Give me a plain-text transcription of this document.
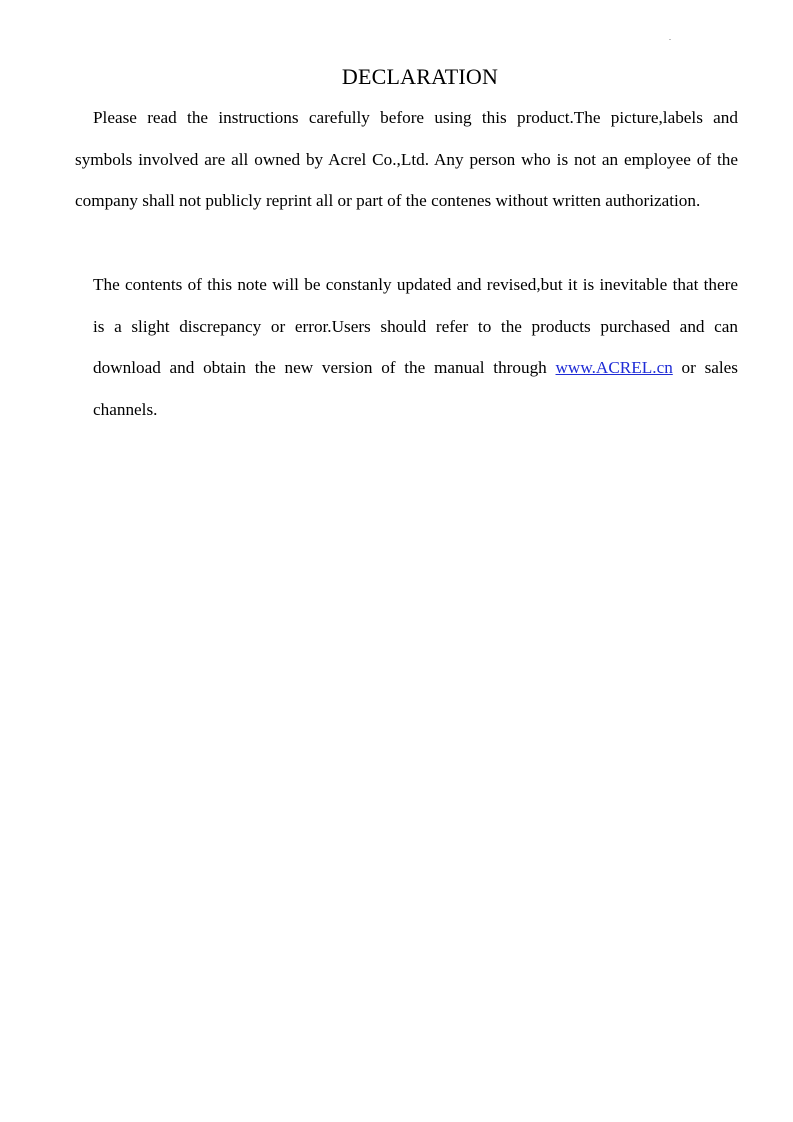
.
DECLARATION

Please read the instructions carefully before using this product.The picture,labels and symbols involved are all owned by Acrel Co.,Ltd. Any person who is not an employee of the company shall not publicly reprint all or part of the contenes without written authorization.

The contents of this note will be constanly updated and revised,but it is inevitable that there is a slight discrepancy or error.Users should refer to the products purchased and can download and obtain the new version of the manual through www.ACREL.cn or sales channels.
